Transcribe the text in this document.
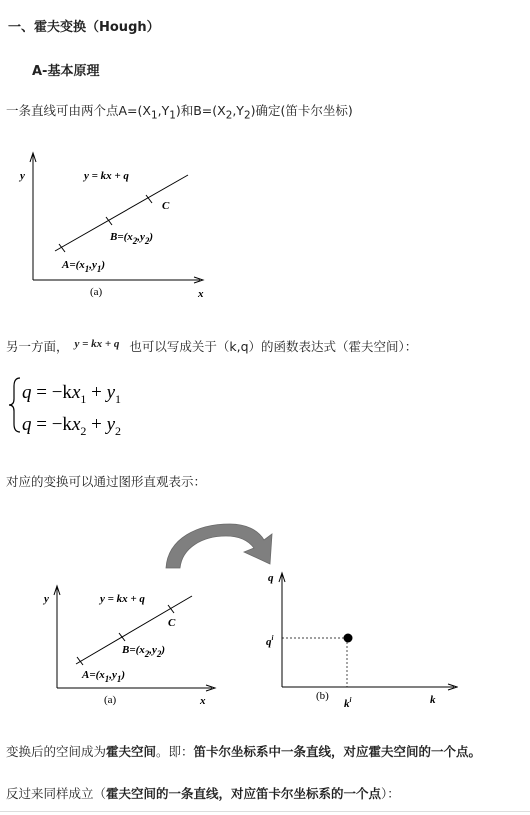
一、霍夫变换（Hough）
A-基本原理
一条直线可由两个点$A=(X_1,Y_1)$和$B=(X_2,Y_2)$确定(笛卡尔坐标)
y
x
y = kx + q
C
$B=(x_2,y_2)$
$A=(x_1,y_1)$
(a)
另一方面， y = kx + q 也可以写成关于（k,q）的函数表达式（霍夫空间）：
$q = -kx_1 + y_1$
$q = -kx_2 + y_2$
对应的变换可以通过图形直观表示：
y
x
y = kx + q
C
$B=(x_2,y_2)$
$A=(x_1,y_1)$
(a)
q
k
$q^i$
$k^i$
(b)
变换后的空间成为霍夫空间。即：笛卡尔坐标系中一条直线，对应霍夫空间的一个点。
反过来同样成立（霍夫空间的一条直线，对应笛卡尔坐标系的一个点）：
